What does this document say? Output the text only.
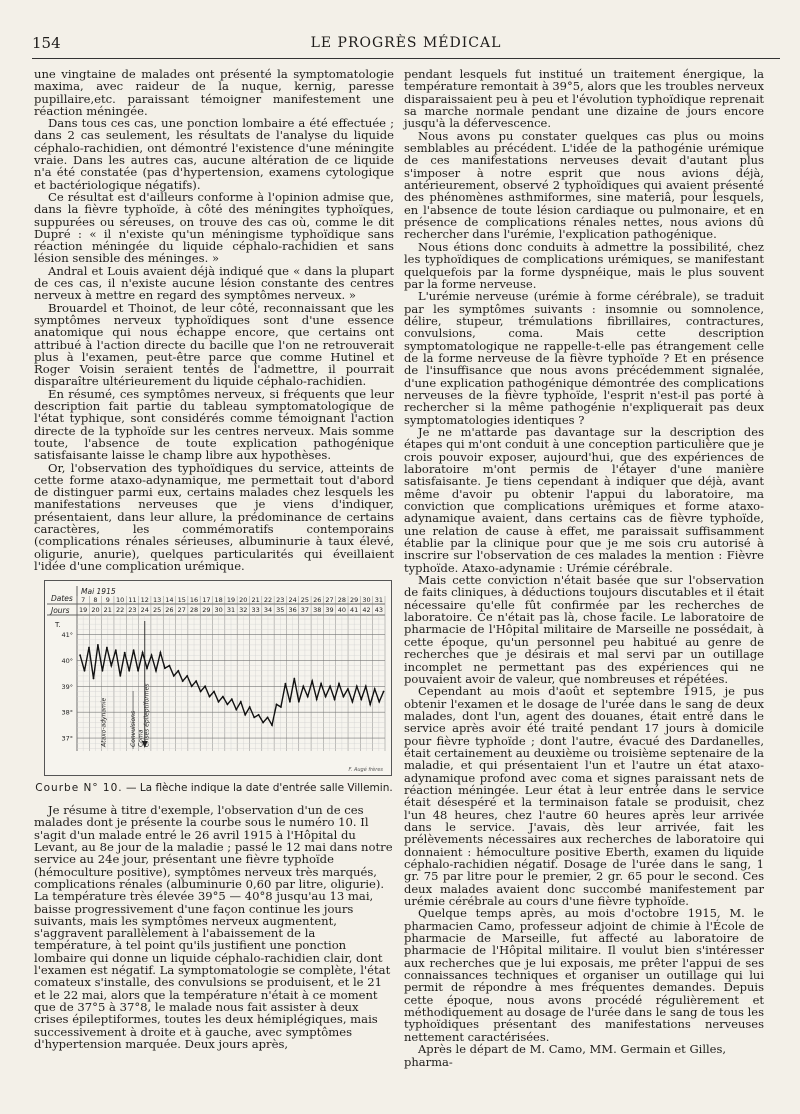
154	LE PROGRÈS MÉDICAL

une vingtaine de malades ont présenté la symptomatologie maxima, avec raideur de la nuque, kernig, paresse pupillaire,etc. paraissant témoigner manifestement une réaction méningée.

Dans tous ces cas, une ponction lombaire a été effectuée ; dans 2 cas seulement, les résultats de l'analyse du liquide céphalo-rachidien, ont démontré l'existence d'une méningite vraie. Dans les autres cas, aucune altération de ce liquide n'a été constatée (pas d'hypertension, examens cytologique et bactériologique négatifs).

Ce résultat est d'ailleurs conforme à l'opinion admise que, dans la fièvre typhoïde, à côté des méningites typhoïques, suppurées ou séreuses, on trouve des cas où, comme le dit Dupré : « il n'existe qu'un méningisme typhoïdique sans réaction méningée du liquide céphalo-rachidien et sans lésion sensible des méninges. »

Andral et Louis avaient déjà indiqué que « dans la plupart de ces cas, il n'existe aucune lésion constante des centres nerveux à mettre en regard des symptômes nerveux. »

Brouardel et Thoinot, de leur côté, reconnaissant que les symptômes nerveux typhoïdiques sont d'une essence anatomique qui nous échappe encore, que certains ont attribué à l'action directe du bacille que l'on ne retrouverait plus à l'examen, peut-être parce que comme Hutinel et Roger Voisin seraient tentés de l'admettre, il pourrait disparaître ultérieurement du liquide céphalo-rachidien.

En résumé, ces symptômes nerveux, si fréquents que leur description fait partie du tableau symptomatologique de l'état typhique, sont considérés comme témoignant l'action directe de la typhoïde sur les centres nerveux. Mais somme toute, l'absence de toute explication pathogénique satisfaisante laisse le champ libre aux hypothèses.

Or, l'observation des typhoïdiques du service, atteints de cette forme ataxo-adynamique, me permettait tout d'abord de distinguer parmi eux, certains malades chez lesquels les manifestations nerveuses que je viens d'indiquer, présentaient, dans leur allure, la prédominance de certains caractères, les commémoratifs contemporains (complications rénales sérieuses, albuminurie à taux élevé, oligurie, anurie), quelques particularités qui éveillaient l'idée d'une complication urémique.

Dates
Jours
Mai 1915
T.
7
19
8
20
9
21
10
22
11
23
12
24
13
25
14
26
15
27
16
28
17
29
18
30
19
31
20
32
21
33
22
34
23
35
24
36
25
37
26
38
27
39
28
40
29
41
30
42
31
43
41°
40°
39°
38°
37°	Ataxo-adynamie	Convulsions Coma Crises épileptiformes
F. Augé frères
Courbe N° 10. — La flèche indique la date d'entrée salle Villemin.

Je résume à titre d'exemple, l'observation d'un de ces malades dont je présente la courbe sous le numéro 10. Il s'agit d'un malade entré le 26 avril 1915 à l'Hôpital du Levant, au 8e jour de la maladie ; passé le 12 mai dans notre service au 24e jour, présentant une fièvre typhoïde (hémoculture positive), symptômes nerveux très marqués, complications rénales (albuminurie 0,60 par litre, oligurie). La température très élevée 39°5 — 40°8 jusqu'au 13 mai, baisse progressivement d'une façon continue les jours suivants, mais les symptômes nerveux augmentent, s'aggravent parallèlement à l'abaissement de la température, à tel point qu'ils justifient une ponction lombaire qui donne un liquide céphalo-rachidien clair, dont l'examen est négatif. La symptomatologie se complète, l'état comateux s'installe, des convulsions se produisent, et le 21 et le 22 mai, alors que la température n'était à ce moment que de 37°5 à 37°8, le malade nous fait assister à deux crises épileptiformes, toutes les deux hémiplégiques, mais successivement à droite et à gauche, avec symptômes d'hypertension marquée. Deux jours après,

pendant lesquels fut institué un traitement énergique, la température remontait à 39°5, alors que les troubles nerveux disparaissaient peu à peu et l'évolution typhoïdique reprenait sa marche normale pendant une dizaine de jours encore jusqu'à la défervescence.

Nous avons pu constater quelques cas plus ou moins semblables au précédent. L'idée de la pathogénie urémique de ces manifestations nerveuses devait d'autant plus s'imposer à notre esprit que nous avions déjà, antérieurement, observé 2 typhoïdiques qui avaient présenté des phénomènes asthmiformes, sine materiâ, pour lesquels, en l'absence de toute lésion cardiaque ou pulmonaire, et en présence de complications rénales nettes, nous avions dû rechercher dans l'urémie, l'explication pathogénique.

Nous étions donc conduits à admettre la possibilité, chez les typhoïdiques de complications urémiques, se manifestant quelquefois par la forme dyspnéique, mais le plus souvent par la forme nerveuse.

L'urémie nerveuse (urémie à forme cérébrale), se traduit par les symptômes suivants : insomnie ou somnolence, délire, stupeur, trémulations fibrillaires, contractures, convulsions, coma. Mais cette description symptomatologique ne rappelle-t-elle pas étrangement celle de la forme nerveuse de la fièvre typhoïde ? Et en présence de l'insuffisance que nous avons précédemment signalée, d'une explication pathogénique démontrée des complications nerveuses de la fièvre typhoïde, l'esprit n'est-il pas porté à rechercher si la même pathogénie n'expliquerait pas deux symptomatologies identiques ?

Je ne m'attarde pas davantage sur la description des étapes qui m'ont conduit à une conception particulière que je crois pouvoir exposer, aujourd'hui, que des expériences de laboratoire m'ont permis de l'étayer d'une manière satisfaisante. Je tiens cependant à indiquer que déjà, avant même d'avoir pu obtenir l'appui du laboratoire, ma conviction que complications urémiques et forme ataxo-adynamique avaient, dans certains cas de fièvre typhoïde, une relation de cause à effet, me paraissait suffisamment établie par la clinique pour que je me sois cru autorisé à inscrire sur l'observation de ces malades la mention : Fièvre typhoïde. Ataxo-adynamie : Urémie cérébrale.

Mais cette conviction n'était basée que sur l'observation de faits cliniques, à déductions toujours discutables et il était nécessaire qu'elle fût confirmée par les recherches de laboratoire. Ce n'était pas là, chose facile. Le laboratoire de pharmacie de l'Hôpital militaire de Marseille ne possédait, à cette époque, qu'un personnel peu habitué au genre de recherches que je désirais et mal servi par un outillage incomplet ne permettant pas des expériences qui ne pouvaient avoir de valeur, que nombreuses et répétées.

Cependant au mois d'août et septembre 1915, je pus obtenir l'examen et le dosage de l'urée dans le sang de deux malades, dont l'un, agent des douanes, était entré dans le service après avoir été traité pendant 17 jours à domicile pour fièvre typhoïde ; dont l'autre, évacué des Dardanelles, était certainement au deuxième ou troisième septenaire de la maladie, et qui présentaient l'un et l'autre un état ataxo-adynamique profond avec coma et signes paraissant nets de réaction méningée. Leur état à leur entrée dans le service était désespéré et la terminaison fatale se produisit, chez l'un 48 heures, chez l'autre 60 heures après leur arrivée dans le service. J'avais, dès leur arrivée, fait les prélèvements nécessaires aux recherches de laboratoire qui donnaient : hémoculture positive Eberth, examen du liquide céphalo-rachidien négatif. Dosage de l'urée dans le sang, 1 gr. 75 par litre pour le premier, 2 gr. 65 pour le second. Ces deux malades avaient donc succombé manifestement par urémie cérébrale au cours d'une fièvre typhoïde.

Quelque temps après, au mois d'octobre 1915, M. le pharmacien Camo, professeur adjoint de chimie à l'École de pharmacie de Marseille, fut affecté au laboratoire de pharmacie de l'Hôpital militaire. Il voulut bien s'intéresser aux recherches que je lui exposais, me prêter l'appui de ses connaissances techniques et organiser un outillage qui lui permit de répondre à mes fréquentes demandes. Depuis cette époque, nous avons procédé régulièrement et méthodiquement au dosage de l'urée dans le sang de tous les typhoïdiques présentant des manifestations nerveuses nettement caractérisées.

Après le départ de M. Camo, MM. Germain et Gilles, pharma-
